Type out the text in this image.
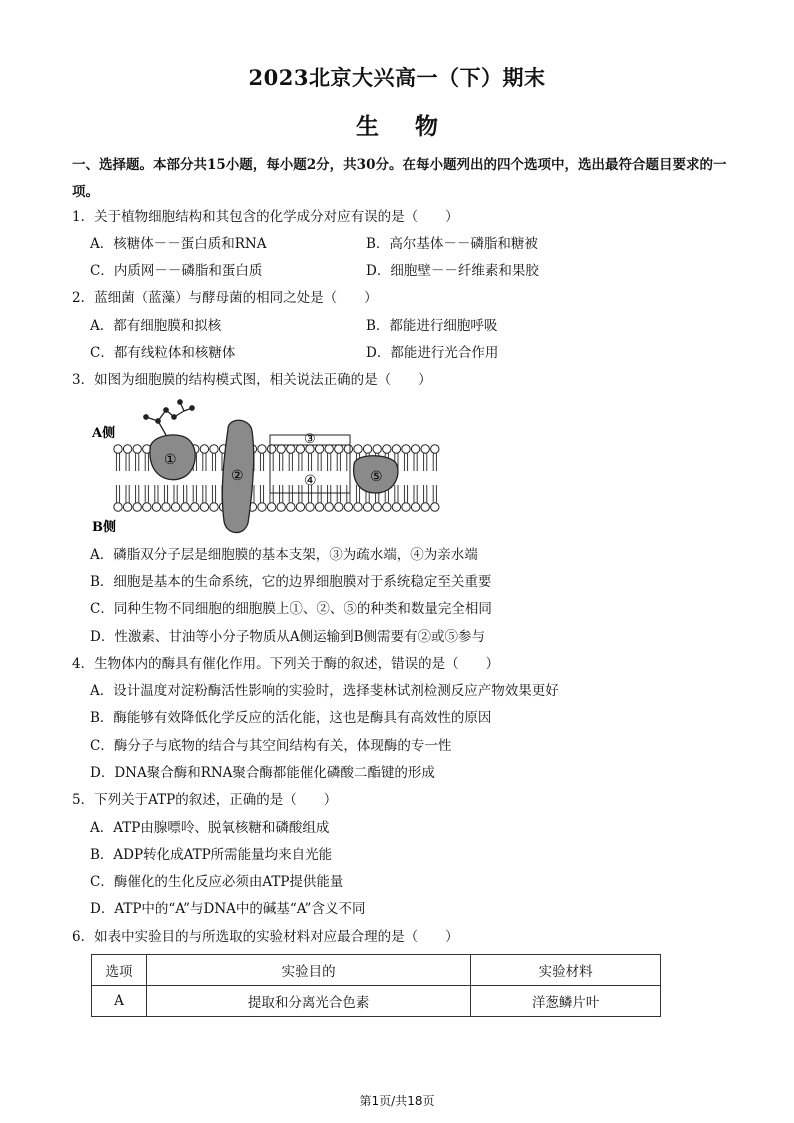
2023北京大兴高一（下）期末
生物
一、选择题。本部分共15小题，每小题2分，共30分。在每小题列出的四个选项中，选出最符合题目要求的一项。
1．关于植物细胞结构和其包含的化学成分对应有误的是（　　）
A．核糖体－－蛋白质和RNA	B．高尔基体－－磷脂和糖被
C．内质网－－磷脂和蛋白质	D．细胞壁－－纤维素和果胶
2．蓝细菌（蓝藻）与酵母菌的相同之处是（　　）
A．都有细胞膜和拟核	B．都能进行细胞呼吸
C．都有线粒体和核糖体	D．都能进行光合作用
3．如图为细胞膜的结构模式图，相关说法正确的是（　　）
A侧
B侧
①
②
③
④	⑤
A．磷脂双分子层是细胞膜的基本支架，③为疏水端，④为亲水端
B．细胞是基本的生命系统，它的边界细胞膜对于系统稳定至关重要
C．同种生物不同细胞的细胞膜上①、②、⑤的种类和数量完全相同
D．性激素、甘油等小分子物质从A侧运输到B侧需要有②或⑤参与
4．生物体内的酶具有催化作用。下列关于酶的叙述，错误的是（　　）
A．设计温度对淀粉酶活性影响的实验时，选择斐林试剂检测反应产物效果更好
B．酶能够有效降低化学反应的活化能，这也是酶具有高效性的原因
C．酶分子与底物的结合与其空间结构有关，体现酶的专一性
D．DNA聚合酶和RNA聚合酶都能催化磷酸二酯键的形成
5．下列关于ATP的叙述，正确的是（　　）
A．ATP由腺嘌呤、脱氧核糖和磷酸组成
B．ADP转化成ATP所需能量均来自光能
C．酶催化的生化反应必须由ATP提供能量
D．ATP中的“A”与DNA中的碱基“A”含义不同
6．如表中实验目的与所选取的实验材料对应最合理的是（　　）
选项	实验目的	实验材料
A	提取和分离光合色素	洋葱鳞片叶
第1页/共18页
